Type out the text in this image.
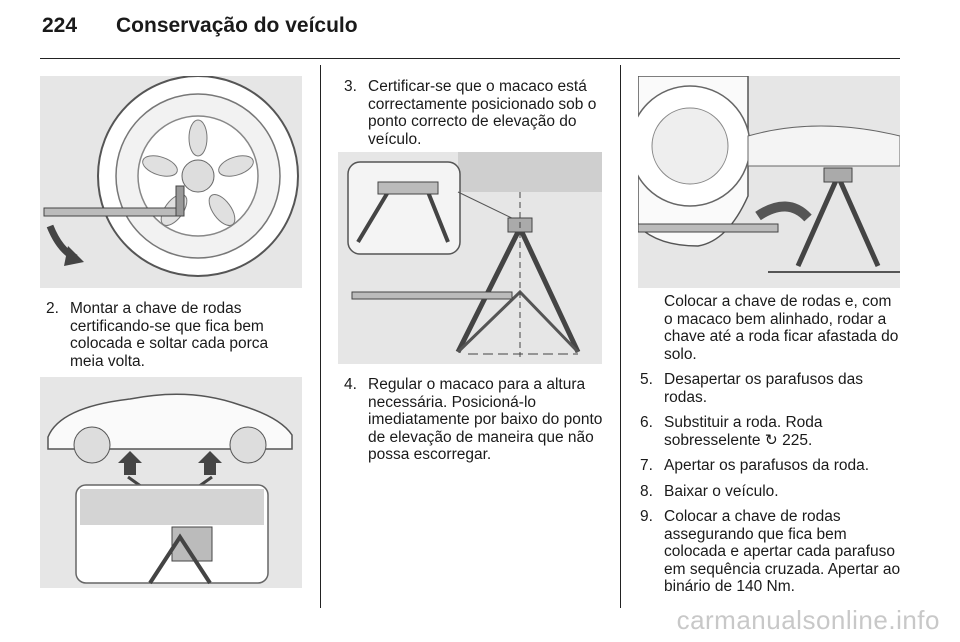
224 Conservação do veículo
2. Montar a chave de rodas certificando-se que fica bem colocada e soltar cada porca meia volta.
3. Certificar-se que o macaco está correctamente posicionado sob o ponto correcto de elevação do veículo.
4. Regular o macaco para a altura necessária. Posicioná-lo imediatamente por baixo do ponto de elevação de maneira que não possa escorregar.
Colocar a chave de rodas e, com o macaco bem alinhado, rodar a chave até a roda ficar afastada do solo.
5. Desapertar os parafusos das rodas.
6. Substituir a roda. Roda sobresselente ↻ 225.
7. Apertar os parafusos da roda.
8. Baixar o veículo.
9. Colocar a chave de rodas assegurando que fica bem colocada e apertar cada parafuso em sequência cruzada. Apertar ao binário de 140 Nm.
carmanualsonline.info
